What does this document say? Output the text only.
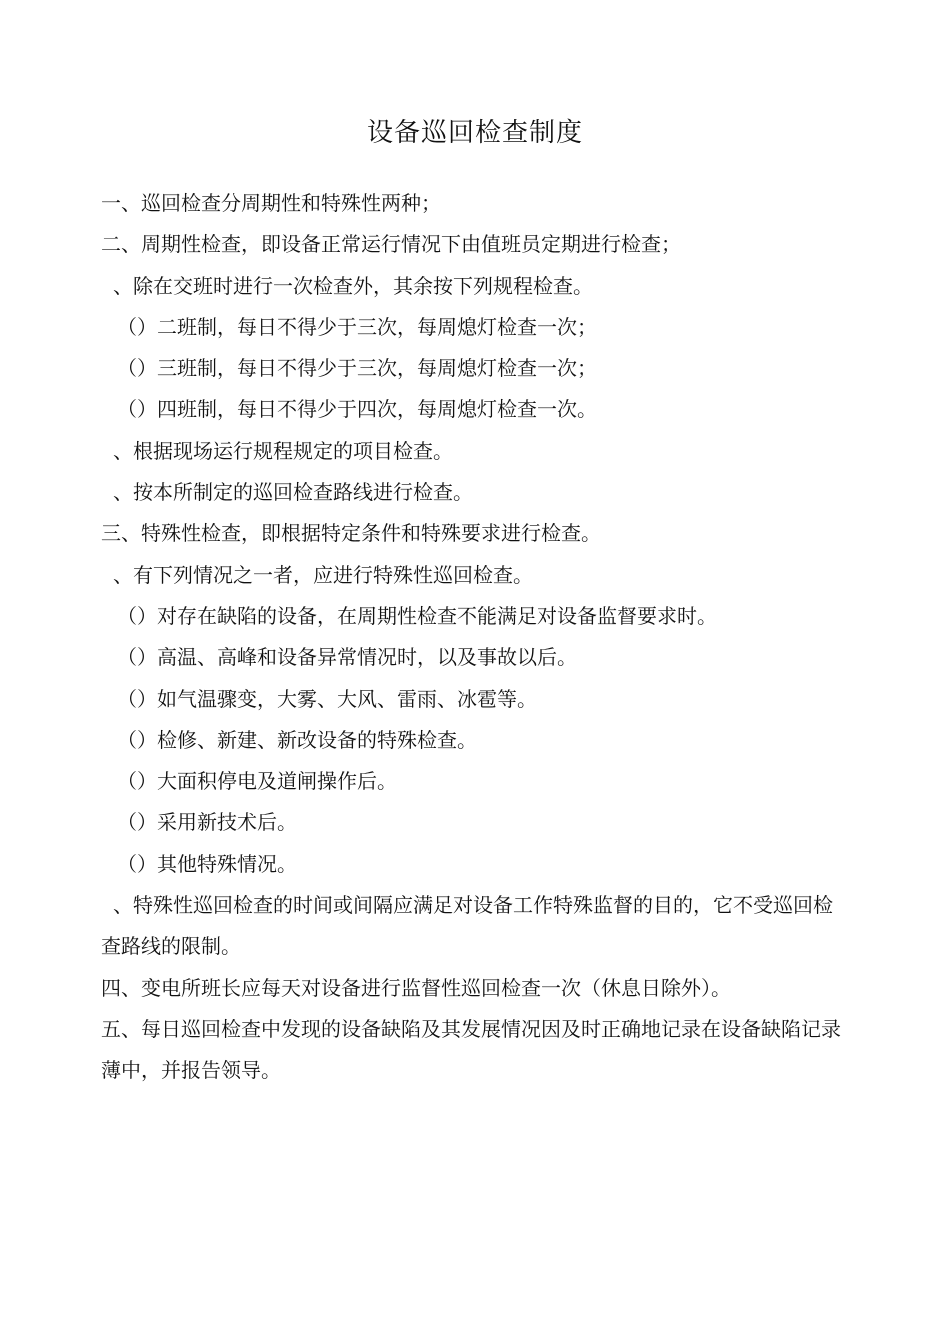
设备巡回检查制度

一、巡回检查分周期性和特殊性两种；

二、周期性检查，即设备正常运行情况下由值班员定期进行检查；

、除在交班时进行一次检查外，其余按下列规程检查。

（）二班制，每日不得少于三次，每周熄灯检查一次；

（）三班制，每日不得少于三次，每周熄灯检查一次；

（）四班制，每日不得少于四次，每周熄灯检查一次。

、根据现场运行规程规定的项目检查。

、按本所制定的巡回检查路线进行检查。

三、特殊性检查，即根据特定条件和特殊要求进行检查。

、有下列情况之一者，应进行特殊性巡回检查。

（）对存在缺陷的设备，在周期性检查不能满足对设备监督要求时。

（）高温、高峰和设备异常情况时，以及事故以后。

（）如气温骤变，大雾、大风、雷雨、冰雹等。

（）检修、新建、新改设备的特殊检查。

（）大面积停电及道闸操作后。

（）采用新技术后。

（）其他特殊情况。

、特殊性巡回检查的时间或间隔应满足对设备工作特殊监督的目的，它不受巡回检查路线的限制。

四、变电所班长应每天对设备进行监督性巡回检查一次（休息日除外）。

五、每日巡回检查中发现的设备缺陷及其发展情况因及时正确地记录在设备缺陷记录薄中，并报告领导。
